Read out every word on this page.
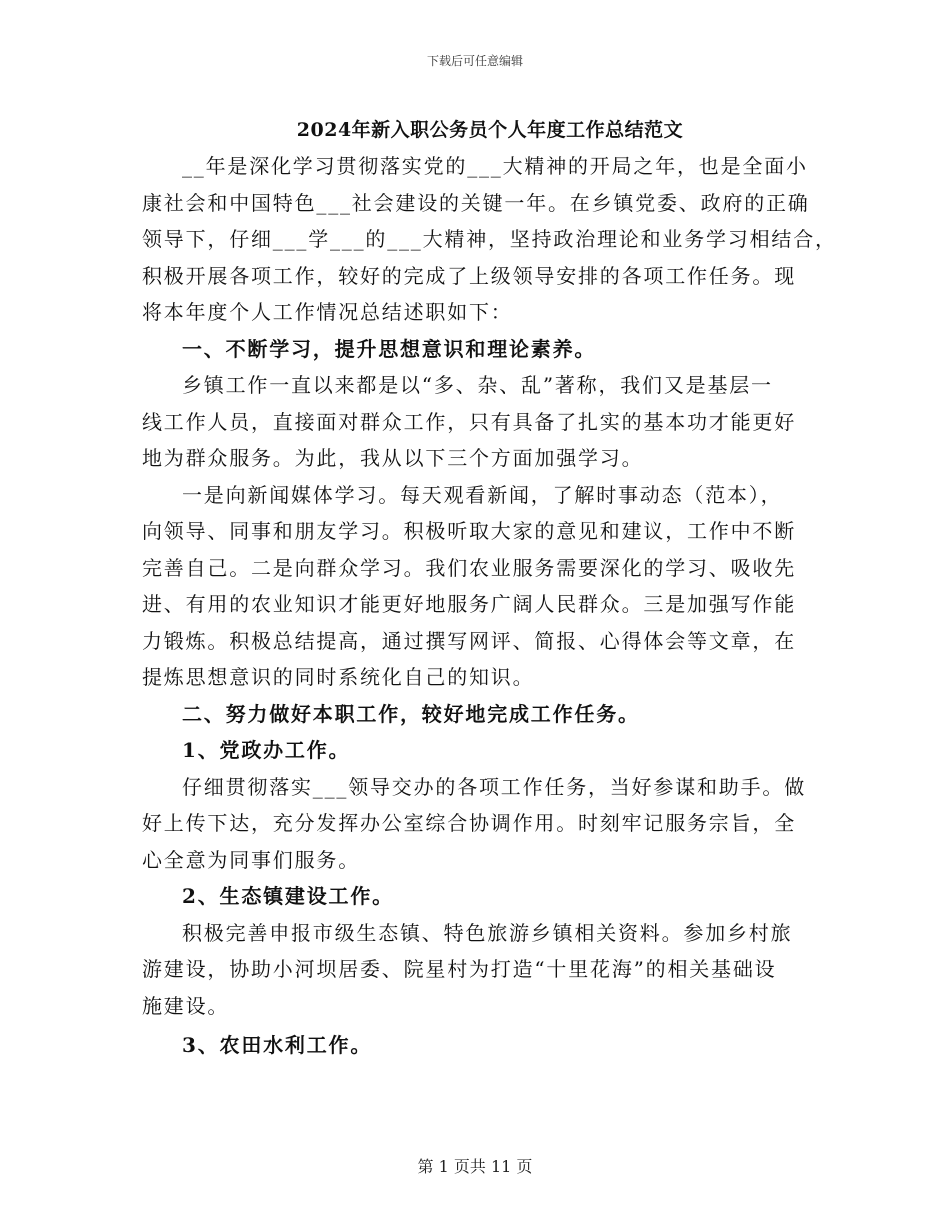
下载后可任意编辑
2024年新入职公务员个人年度工作总结范文

__年是深化学习贯彻落实党的___大精神的开局之年，也是全面小
康社会和中国特色___社会建设的关键一年。在乡镇党委、政府的正确
领导下，仔细___学___的___大精神，坚持政治理论和业务学习相结合，
积极开展各项工作，较好的完成了上级领导安排的各项工作任务。现
将本年度个人工作情况总结述职如下：

一、不断学习，提升思想意识和理论素养。

乡镇工作一直以来都是以“多、杂、乱”著称，我们又是基层一
线工作人员，直接面对群众工作，只有具备了扎实的基本功才能更好
地为群众服务。为此，我从以下三个方面加强学习。

一是向新闻媒体学习。每天观看新闻，了解时事动态（范本），
向领导、同事和朋友学习。积极听取大家的意见和建议，工作中不断
完善自己。二是向群众学习。我们农业服务需要深化的学习、吸收先
进、有用的农业知识才能更好地服务广阔人民群众。三是加强写作能
力锻炼。积极总结提高，通过撰写网评、简报、心得体会等文章，在
提炼思想意识的同时系统化自己的知识。

二、努力做好本职工作，较好地完成工作任务。

1、党政办工作。

仔细贯彻落实___领导交办的各项工作任务，当好参谋和助手。做
好上传下达，充分发挥办公室综合协调作用。时刻牢记服务宗旨，全
心全意为同事们服务。

2、生态镇建设工作。

积极完善申报市级生态镇、特色旅游乡镇相关资料。参加乡村旅
游建设，协助小河坝居委、院星村为打造“十里花海”的相关基础设
施建设。

3、农田水利工作。

第 1 页共 11 页
